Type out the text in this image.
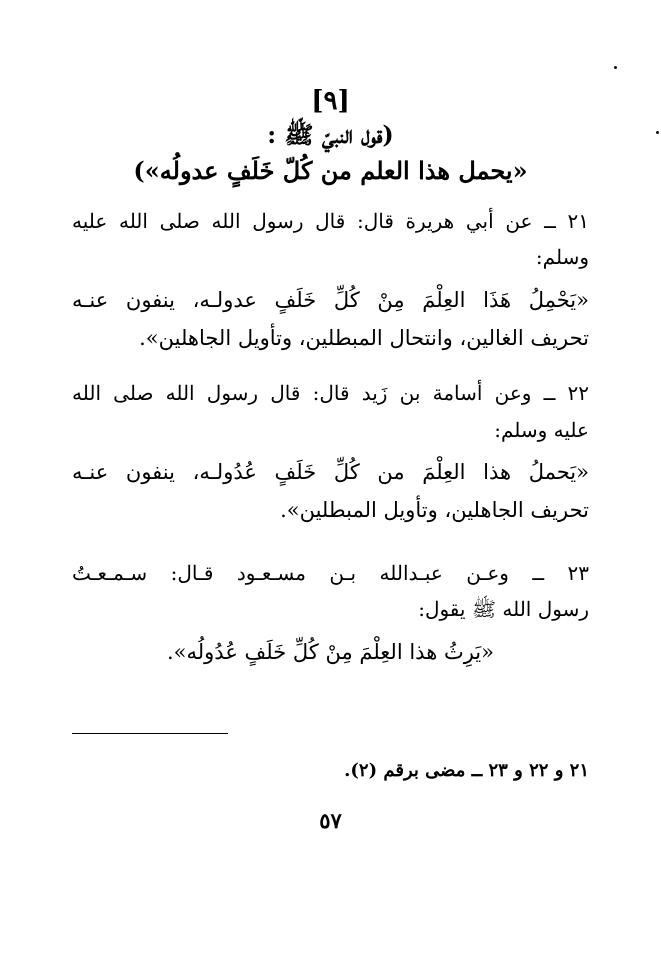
[٩]
(قول النبيّ ﷺ :
«يحمل هذا العلم من كُلّ خَلَفٍ عدولُه»)
٢١ ــ عن أبي هريرة قال: قال رسول الله صلى الله عليه
وسلم:
«يَحْمِلُ هَذَا العِلْمَ مِنْ كُلِّ خَلَفٍ عدولـه، ينفون عنـه
تحريف الغالين، وانتحال المبطلين، وتأويل الجاهلين».
٢٢ ــ وعن أسامة بن زَيد قال: قال رسول الله صلى الله
عليه وسلم:
«يَحملُ هذا العِلْمَ من كُلِّ خَلَفٍ عُدُولـه، ينفون عنـه
تحريف الجاهلين، وتأويل المبطلين».
٢٣ ــ وعـن عبـدالله بـن مسـعـود قـال: سـمـعـتُ
رسول الله ﷺ يقول:
«يَرِثُ هذا العِلْمَ مِنْ كُلِّ خَلَفٍ عُدُولُه».
٢١ و ٢٢ و ٢٣ ــ مضى برقم (٢).
٥٧
